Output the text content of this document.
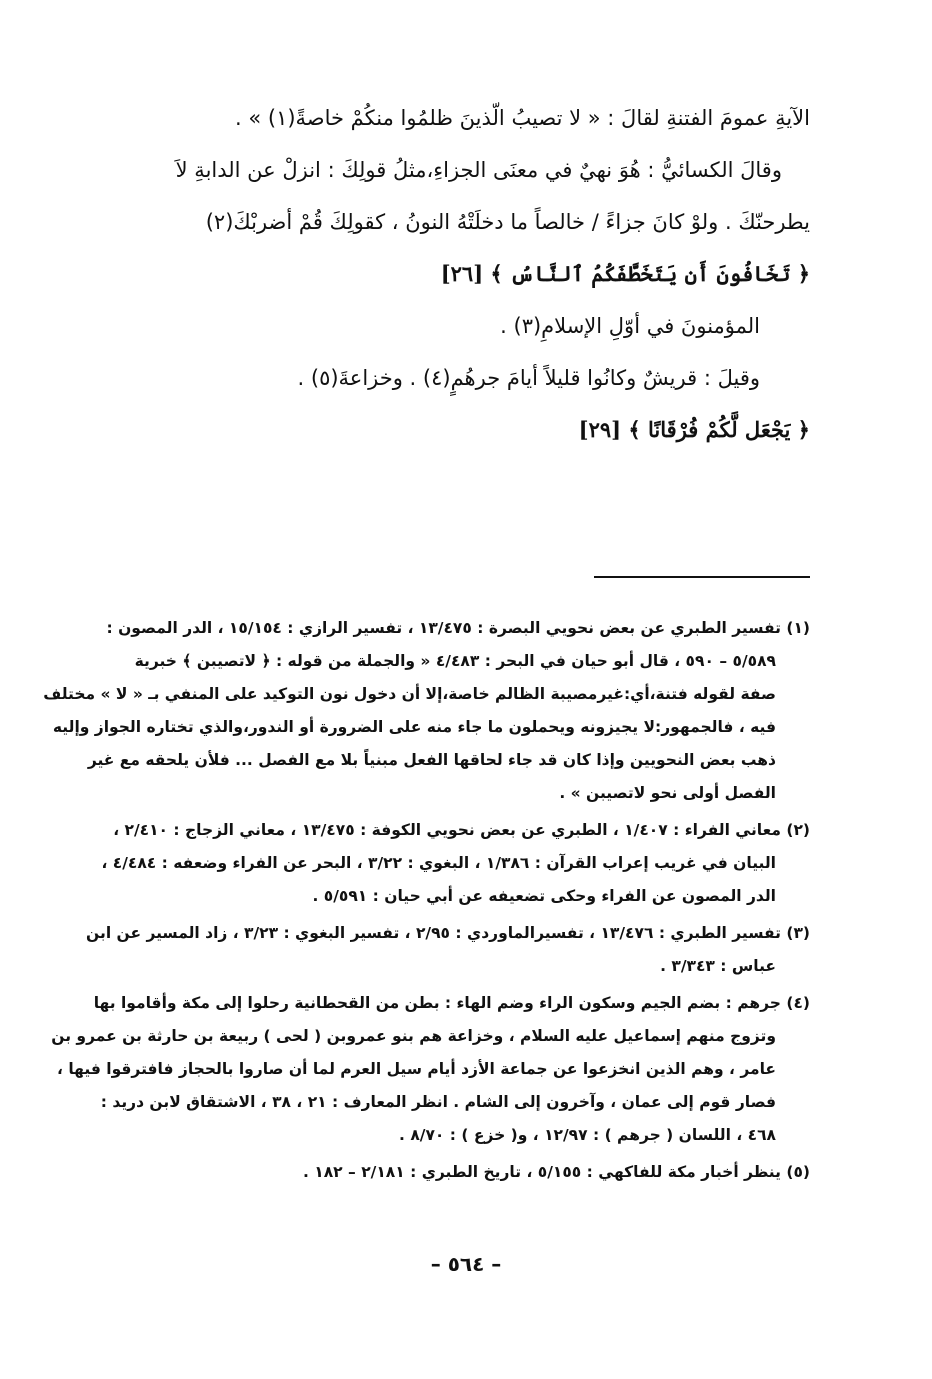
الآيةِ عمومَ الفتنةِ لقالَ : « لا تصيبُ الّذينَ ظلمُوا منكُمْ خاصةً(١) » .

وقالَ الكسائيُّ : هُوَ نهيٌ في معنَى الجزاءِ،مثلُ قولِكَ : انزلْ عن الدابةِ لاَ

يطرحنّكَ . ولوْ كانَ جزاءً / خالصاً ما دخلَتْهُ النونُ ، كقولِكَ قُمْ أضربْكَ(٢)

﴿ تَخَافُونَ أَن يَتَخَطَّفَكُمُ ٱلنَّاسُ ﴾ [٢٦]

المؤمنونَ في أوّلِ الإسلامِ(٣) .

وقيلَ : قريشٌ وكانُوا قليلاً أيامَ جرهُمٍ(٤) . وخزاعةَ(٥) .

﴿ يَجْعَل لَّكُمْ فُرْقَانًا ﴾ [٢٩]

(١) تفسير الطبري عن بعض نحويي البصرة : ١٣/٤٧٥ ، تفسير الرازي : ١٥/١٥٤ ، الدر المصون :
٥/٥٨٩ – ٥٩٠ ، قال أبو حيان في البحر : ٤/٤٨٣ « والجملة من قوله : ﴿ لاتصيبن ﴾ خبرية
صفة لقوله فتنة،أي:غيرمصيبة الظالم خاصة،إلا أن دخول نون التوكيد على المنفي بـ « لا » مختلف
فيه ، فالجمهور:لا يجيزونه ويحملون ما جاء منه على الضرورة أو الندور،والذي تختاره الجواز وإليه
ذهب بعض النحويين وإذا كان قد جاء لحاقها الفعل مبنياً بلا مع الفصل ... فلأن يلحقه مع غير
الفصل أولى نحو لاتصيبن » .
(٢) معاني الفراء : ١/٤٠٧ ، الطبري عن بعض نحويي الكوفة : ١٣/٤٧٥ ، معاني الزجاج : ٢/٤١٠ ،
البيان في غريب إعراب القرآن : ١/٣٨٦ ، البغوي : ٣/٢٢ ، البحر عن الفراء وضعفه : ٤/٤٨٤ ،
الدر المصون عن الفراء وحكى تضعيفه عن أبي حيان : ٥/٥٩١ .
(٣) تفسير الطبري : ١٣/٤٧٦ ، تفسيرالماوردي : ٢/٩٥ ، تفسير البغوي : ٣/٢٣ ، زاد المسير عن ابن
عباس : ٣/٣٤٣ .
(٤) جرهم : بضم الجيم وسكون الراء وضم الهاء : بطن من القحطانية رحلوا إلى مكة وأقاموا بها
وتزوج منهم إسماعيل عليه السلام ، وخزاعة هم بنو عمروبن ( لحى ) ربيعة بن حارثة بن عمرو بن
عامر ، وهم الذين انخزعوا عن جماعة الأزد أيام سيل العرم لما أن صاروا بالحجاز فافترقوا فيها ،
فصار قوم إلى عمان ، وآخرون إلى الشام . انظر المعارف : ٢١ ، ٣٨ ، الاشتقاق لابن دريد :
٤٦٨ ، اللسان ( جرهم ) : ١٢/٩٧ ، و( خزع ) : ٨/٧٠ .
(٥) ينظر أخبار مكة للفاكهي : ٥/١٥٥ ، تاريخ الطبري : ٢/١٨١ – ١٨٢ .
– ٥٦٤ –
